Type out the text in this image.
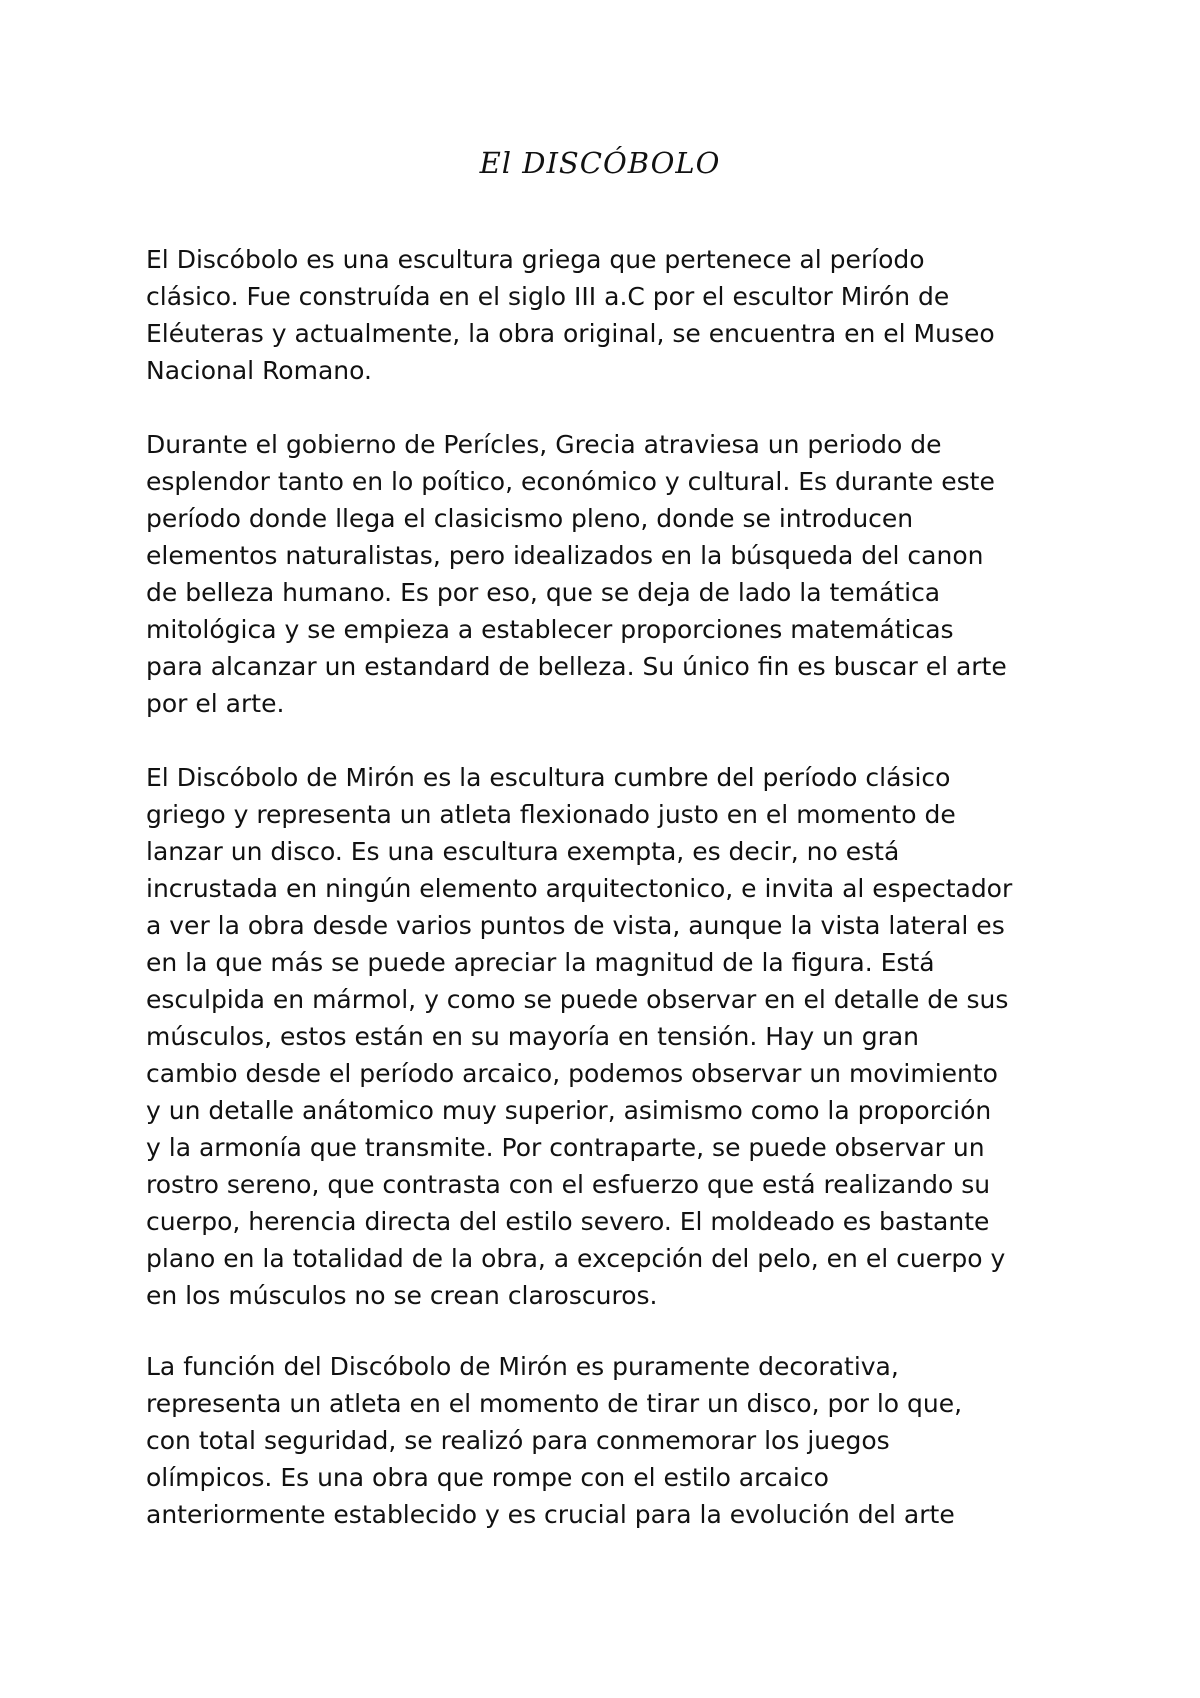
El DISCÓBOLO
El Discóbolo es una escultura griega que pertenece al período
clásico. Fue construída en el siglo III a.C por el escultor Mirón de
Eléuteras y actualmente, la obra original, se encuentra en el Museo
Nacional Romano.
Durante el gobierno de Perícles, Grecia atraviesa un periodo de
esplendor tanto en lo poítico, económico y cultural. Es durante este
período donde llega el clasicismo pleno, donde se introducen
elementos naturalistas, pero idealizados en la búsqueda del canon
de belleza humano. Es por eso, que se deja de lado la temática
mitológica y se empieza a establecer proporciones matemáticas
para alcanzar un estandard de belleza. Su único fin es buscar el arte
por el arte.
El Discóbolo de Mirón es la escultura cumbre del período clásico
griego y representa un atleta flexionado justo en el momento de
lanzar un disco. Es una escultura exempta, es decir, no está
incrustada en ningún elemento arquitectonico, e invita al espectador
a ver la obra desde varios puntos de vista, aunque la vista lateral es
en la que más se puede apreciar la magnitud de la figura. Está
esculpida en mármol, y como se puede observar en el detalle de sus
músculos, estos están en su mayoría en tensión. Hay un gran
cambio desde el período arcaico, podemos observar un movimiento
y un detalle anátomico muy superior, asimismo como la proporción
y la armonía que transmite. Por contraparte, se puede observar un
rostro sereno, que contrasta con el esfuerzo que está realizando su
cuerpo, herencia directa del estilo severo. El moldeado es bastante
plano en la totalidad de la obra, a excepción del pelo, en el cuerpo y
en los músculos no se crean claroscuros.
La función del Discóbolo de Mirón es puramente decorativa,
representa un atleta en el momento de tirar un disco, por lo que,
con total seguridad, se realizó para conmemorar los juegos
olímpicos. Es una obra que rompe con el estilo arcaico
anteriormente establecido y es crucial para la evolución del arte
